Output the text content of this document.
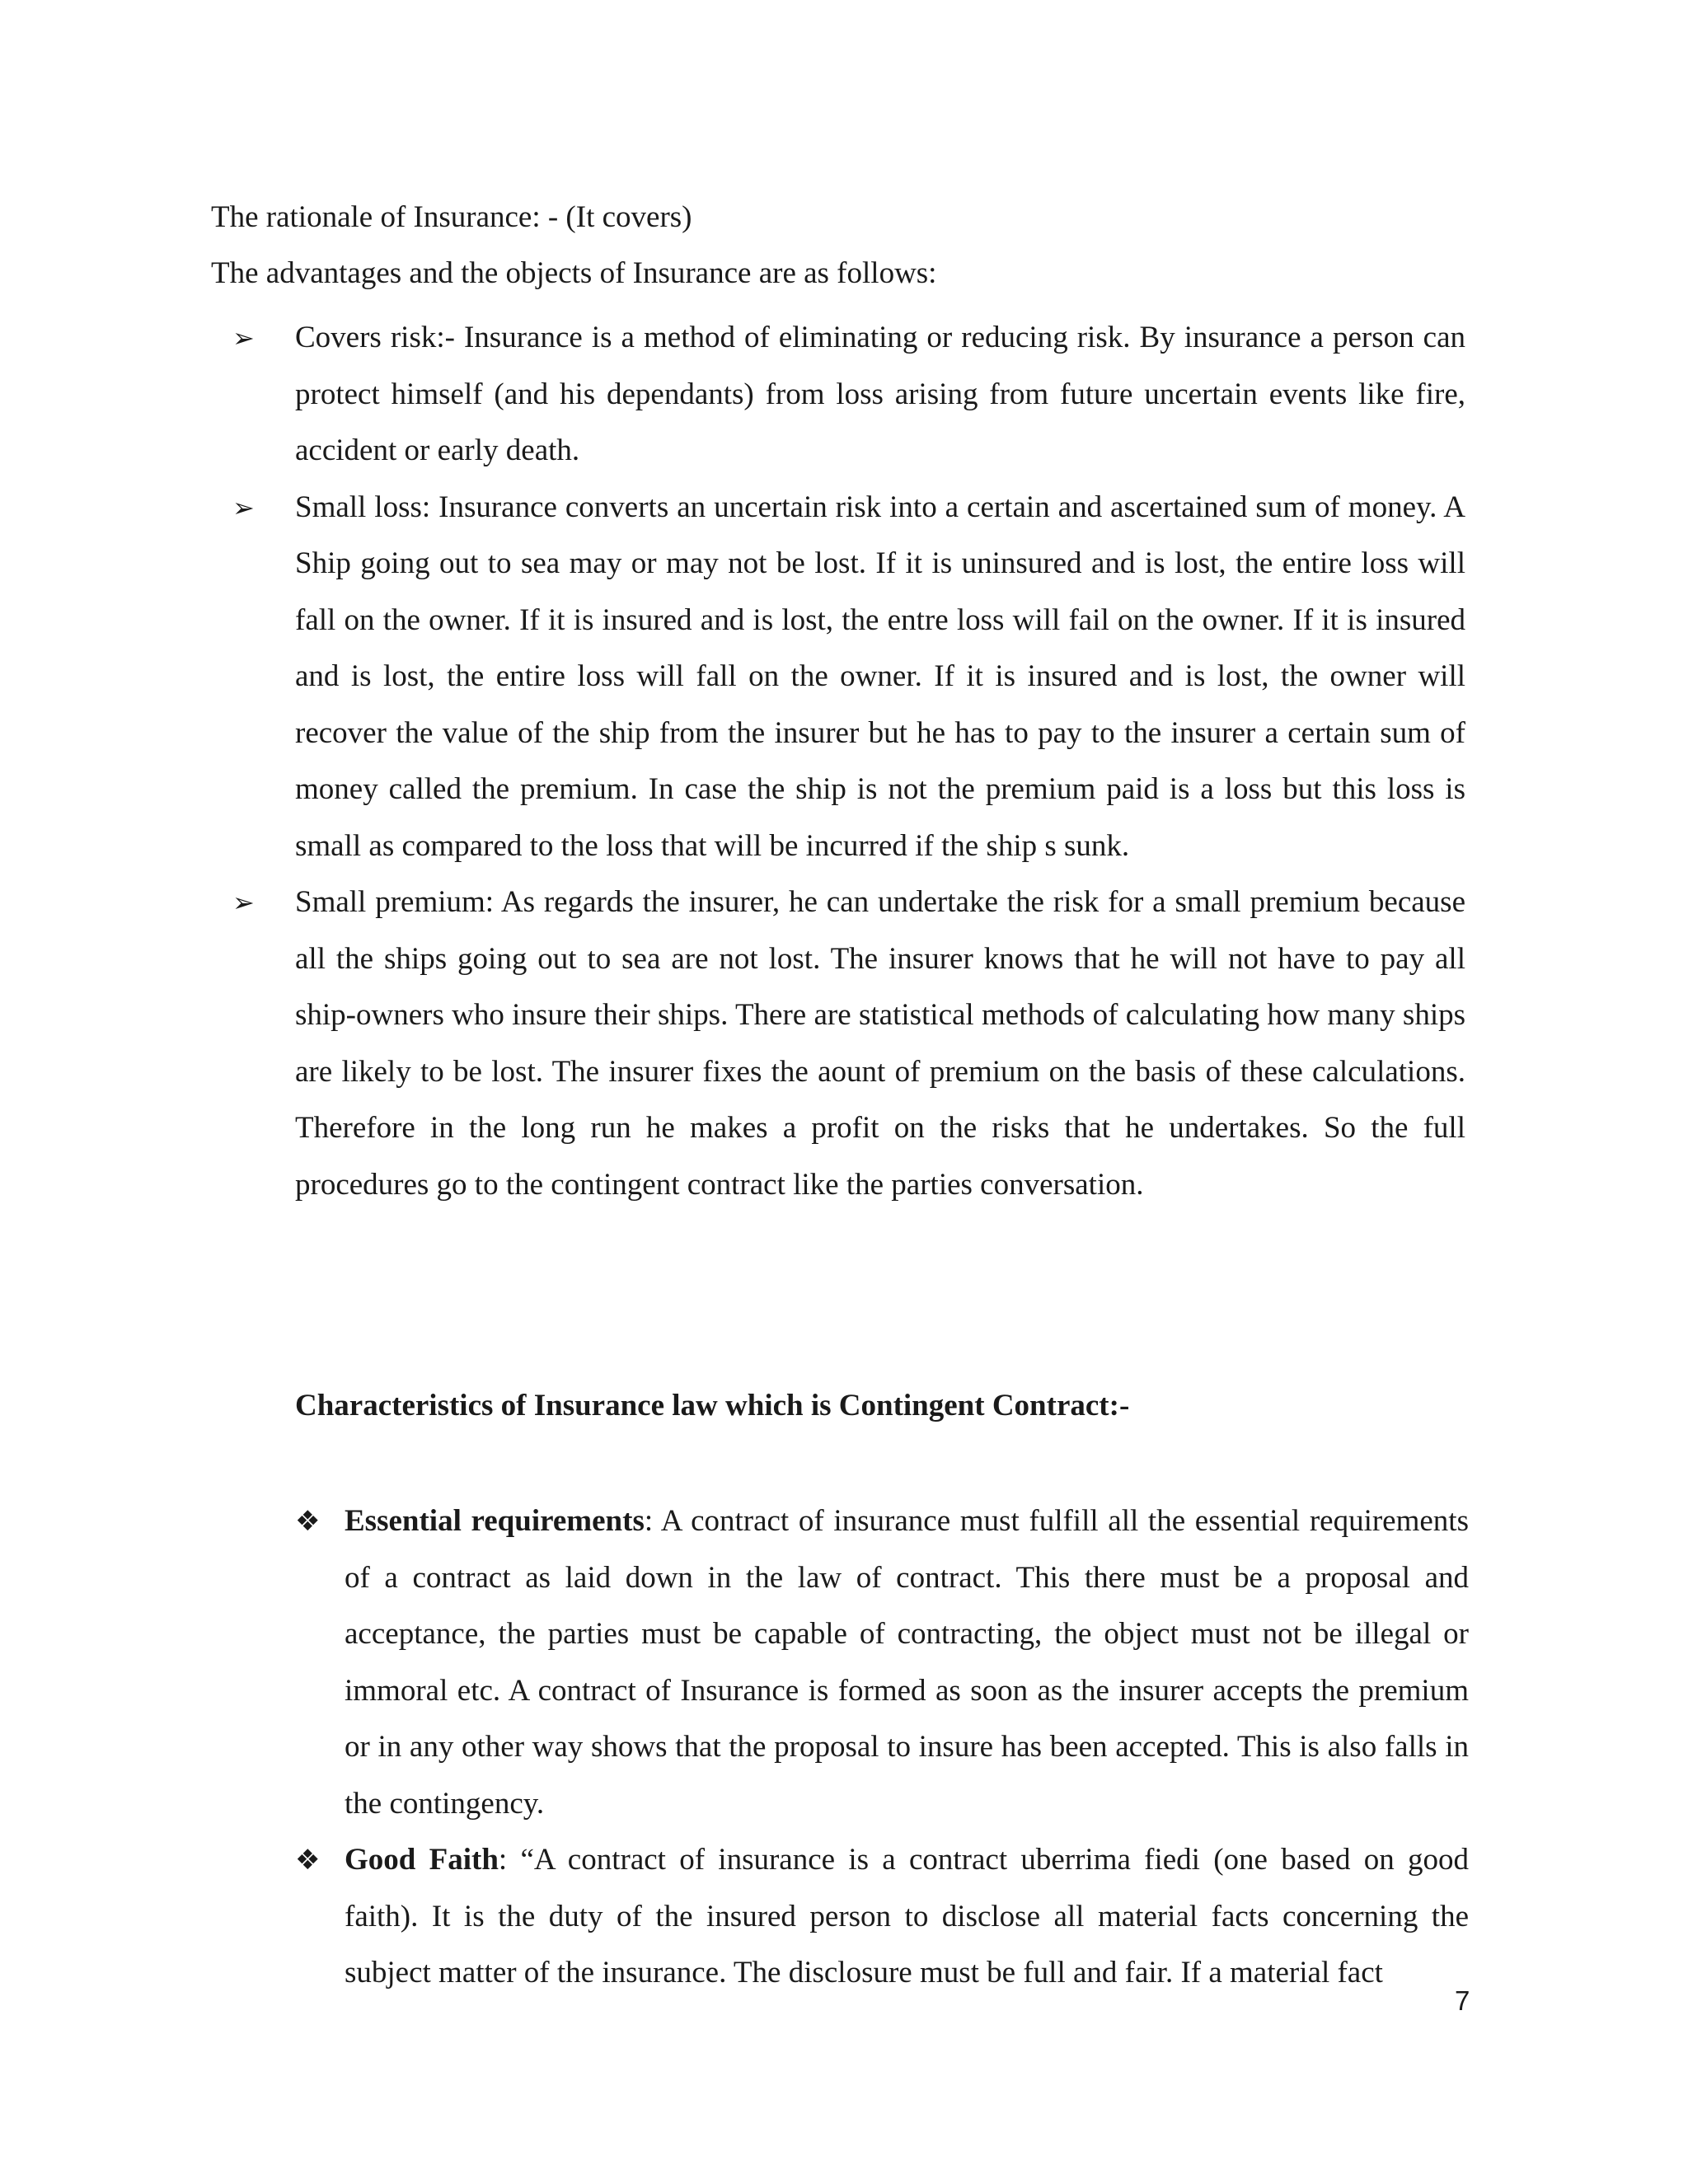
The rationale of Insurance: - (It covers)
The advantages and the objects of Insurance are as follows:
➢ Covers risk:- Insurance is a method of eliminating or reducing risk. By insurance a person can protect himself (and his dependants) from loss arising from future uncertain events like fire, accident or early death.
➢ Small loss: Insurance converts an uncertain risk into a certain and ascertained sum of money. A Ship going out to sea may or may not be lost. If it is uninsured and is lost, the entire loss will fall on the owner. If it is insured and is lost, the entre loss will fail on the owner. If it is insured and is lost, the entire loss will fall on the owner. If it is insured and is lost, the owner will recover the value of the ship from the insurer but he has to pay to the insurer a certain sum of money called the premium. In case the ship is not the premium paid is a loss but this loss is small as compared to the loss that will be incurred if the ship s sunk.
➢ Small premium: As regards the insurer, he can undertake the risk for a small premium because all the ships going out to sea are not lost. The insurer knows that he will not have to pay all ship-owners who insure their ships. There are statistical methods of calculating how many ships are likely to be lost. The insurer fixes the aount of premium on the basis of these calculations. Therefore in the long run he makes a profit on the risks that he undertakes. So the full procedures go to the contingent contract like the parties conversation.
Characteristics of Insurance law which is Contingent Contract:-
❖ Essential requirements: A contract of insurance must fulfill all the essential requirements of a contract as laid down in the law of contract. This there must be a proposal and acceptance, the parties must be capable of contracting, the object must not be illegal or immoral etc. A contract of Insurance is formed as soon as the insurer accepts the premium or in any other way shows that the proposal to insure has been accepted. This is also falls in the contingency.
❖ Good Faith: “A contract of insurance is a contract uberrima fiedi (one based on good faith). It is the duty of the insured person to disclose all material facts concerning the subject matter of the insurance. The disclosure must be full and fair. If a material fact
7
